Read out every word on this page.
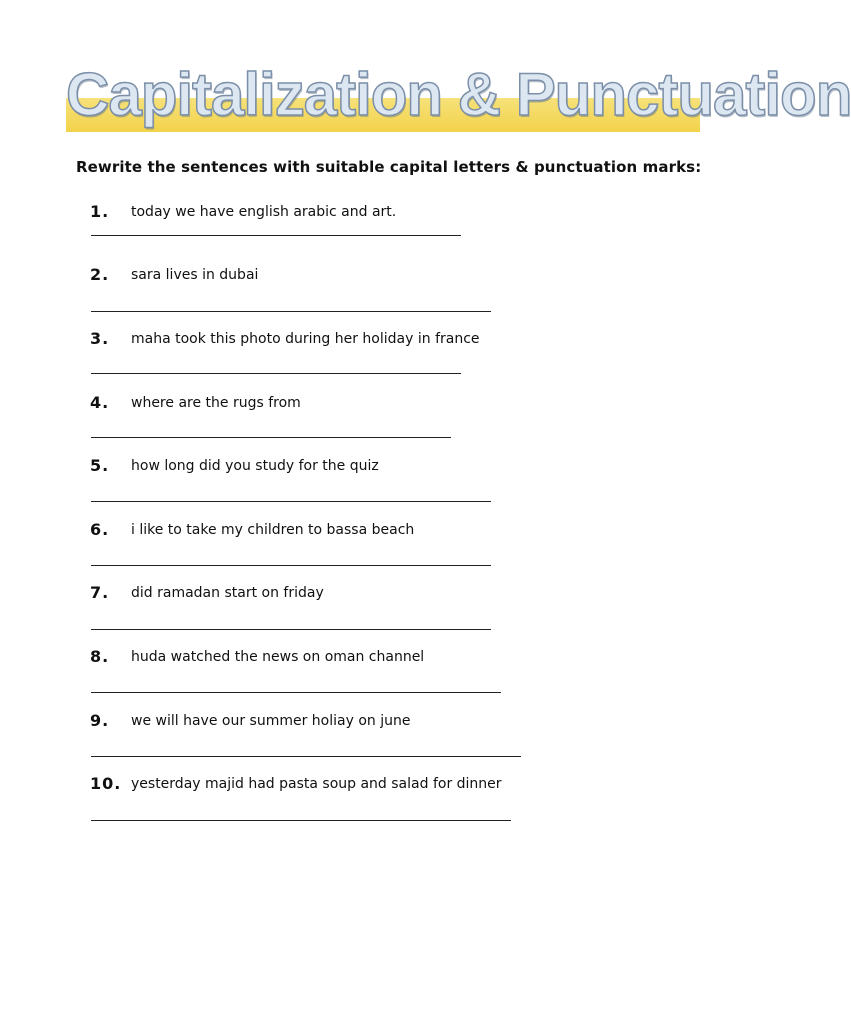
Capitalization & Punctuation
Rewrite the sentences with suitable capital letters & punctuation marks:
1. today we have english arabic and art.
2. sara lives in dubai
3. maha took this photo during her holiday in france
4. where are the rugs from
5. how long did you study for the quiz
6. i like to take my children to bassa beach
7. did ramadan start on friday
8. huda watched the news on oman channel
9. we will have our summer holiay on june
10. yesterday majid had pasta soup and salad for dinner
